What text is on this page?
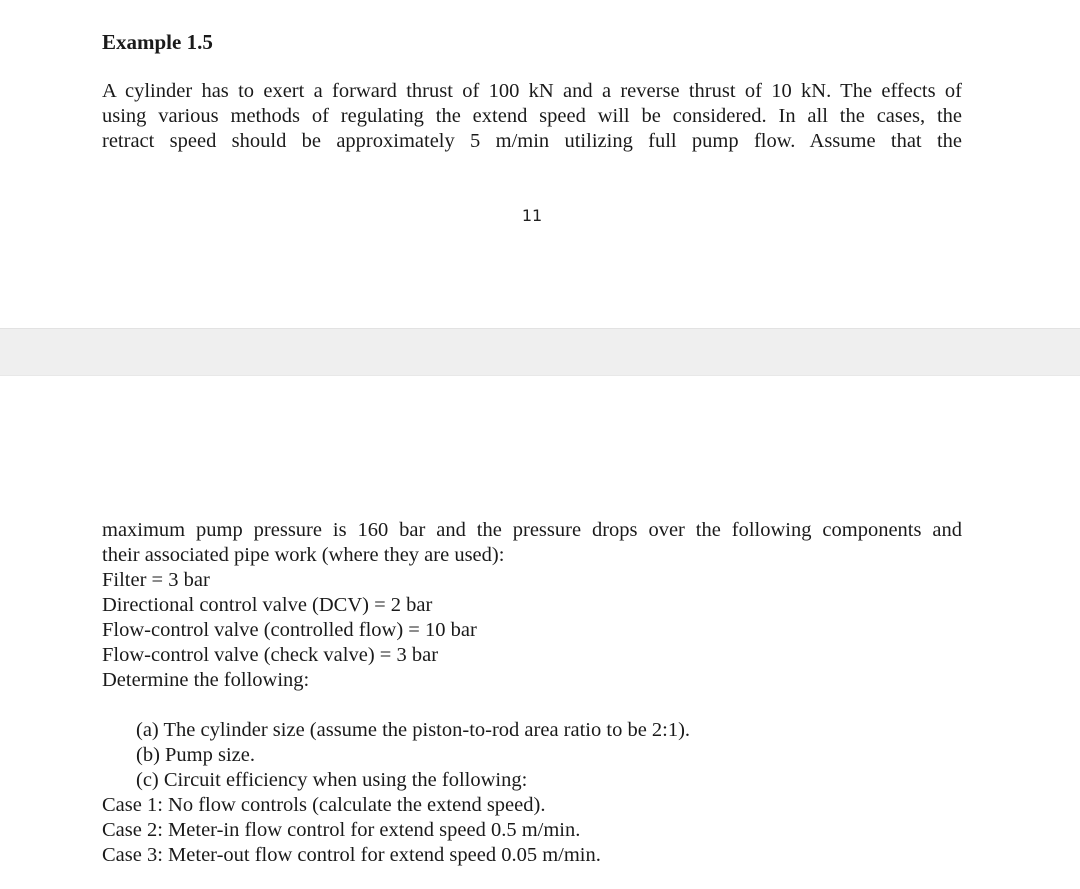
Example 1.5
A cylinder has to exert a forward thrust of 100 kN and a reverse thrust of 10 kN. The effects of
using various methods of regulating the extend speed will be considered. In all the cases, the
retract speed should be approximately 5 m/min utilizing full pump flow. Assume that the
11
maximum pump pressure is 160 bar and the pressure drops over the following components and
their associated pipe work (where they are used):
Filter = 3 bar
Directional control valve (DCV) = 2 bar
Flow-control valve (controlled flow) = 10 bar
Flow-control valve (check valve) = 3 bar
Determine the following:
(a) The cylinder size (assume the piston-to-rod area ratio to be 2:1).
(b) Pump size.
(c) Circuit efficiency when using the following:
Case 1: No flow controls (calculate the extend speed).
Case 2: Meter-in flow control for extend speed 0.5 m/min.
Case 3: Meter-out flow control for extend speed 0.05 m/min.
